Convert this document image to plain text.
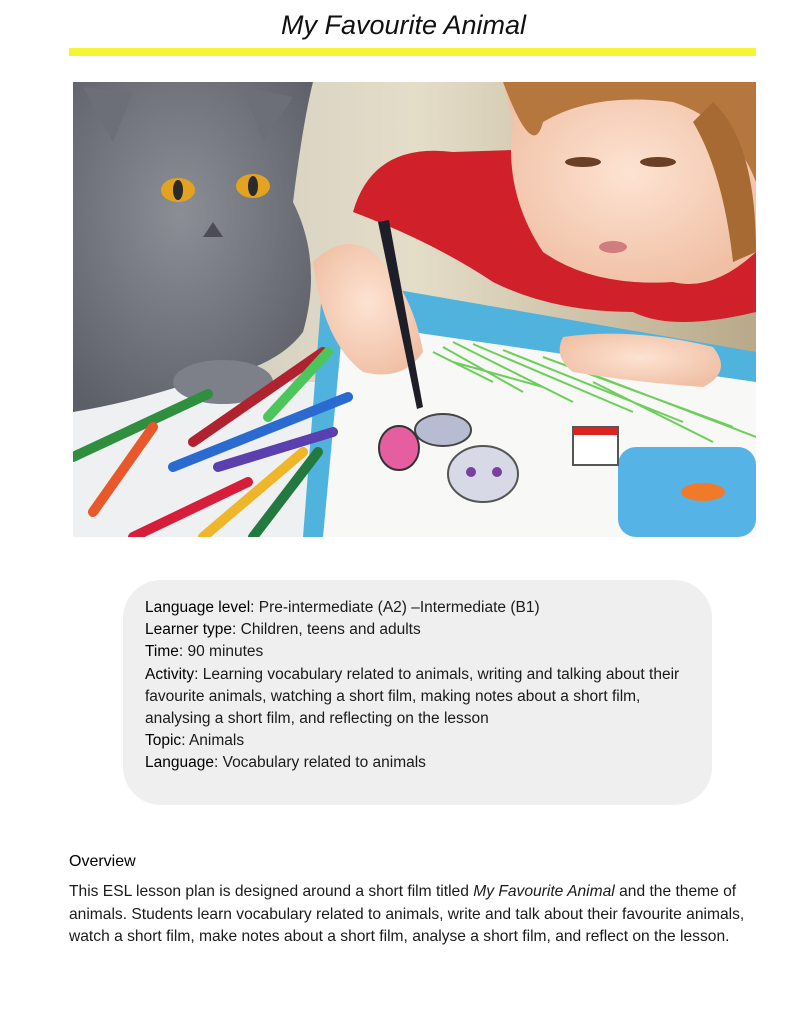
My Favourite Animal

Language level: Pre-intermediate (A2) –Intermediate (B1)

Learner type: Children, teens and adults

Time: 90 minutes

Activity: Learning vocabulary related to animals, writing and talking about their favourite animals, watching a short film, making notes about a short film, analysing a short film, and reflecting on the lesson

Topic: Animals

Language: Vocabulary related to animals

Overview

This ESL lesson plan is designed around a short film titled My Favourite Animal and the theme of animals. Students learn vocabulary related to animals, write and talk about their favourite animals, watch a short film, make notes about a short film, analyse a short film, and reflect on the lesson.
